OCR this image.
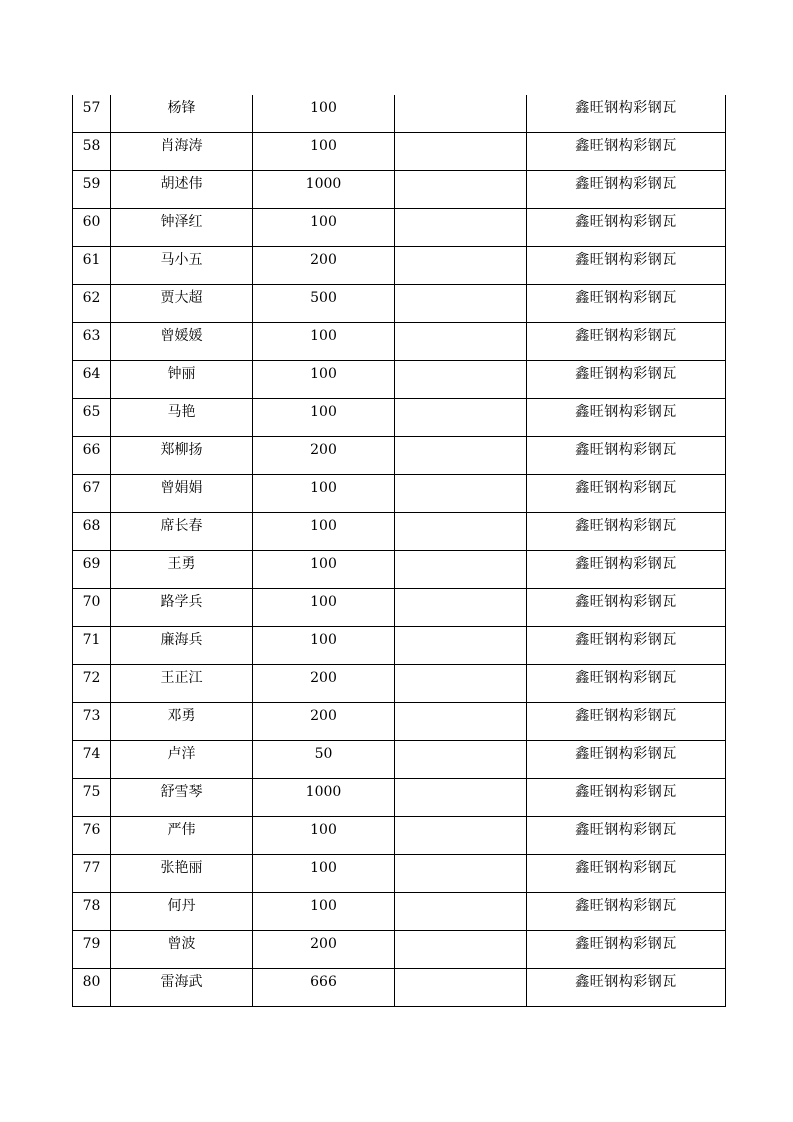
57	杨锋	100		鑫旺钢构彩钢瓦

58	肖海涛	100		鑫旺钢构彩钢瓦

59	胡述伟	1000		鑫旺钢构彩钢瓦

60	钟泽红	100		鑫旺钢构彩钢瓦

61	马小五	200		鑫旺钢构彩钢瓦

62	贾大超	500		鑫旺钢构彩钢瓦

63	曾媛媛	100		鑫旺钢构彩钢瓦

64	钟丽	100		鑫旺钢构彩钢瓦

65	马艳	100		鑫旺钢构彩钢瓦

66	郑柳扬	200		鑫旺钢构彩钢瓦

67	曾娟娟	100		鑫旺钢构彩钢瓦

68	席长春	100		鑫旺钢构彩钢瓦

69	王勇	100		鑫旺钢构彩钢瓦

70	路学兵	100		鑫旺钢构彩钢瓦

71	廉海兵	100		鑫旺钢构彩钢瓦

72	王正江	200		鑫旺钢构彩钢瓦

73	邓勇	200		鑫旺钢构彩钢瓦

74	卢洋	50		鑫旺钢构彩钢瓦

75	舒雪琴	1000		鑫旺钢构彩钢瓦

76	严伟	100		鑫旺钢构彩钢瓦

77	张艳丽	100		鑫旺钢构彩钢瓦

78	何丹	100		鑫旺钢构彩钢瓦

79	曾波	200		鑫旺钢构彩钢瓦

80	雷海武	666		鑫旺钢构彩钢瓦
